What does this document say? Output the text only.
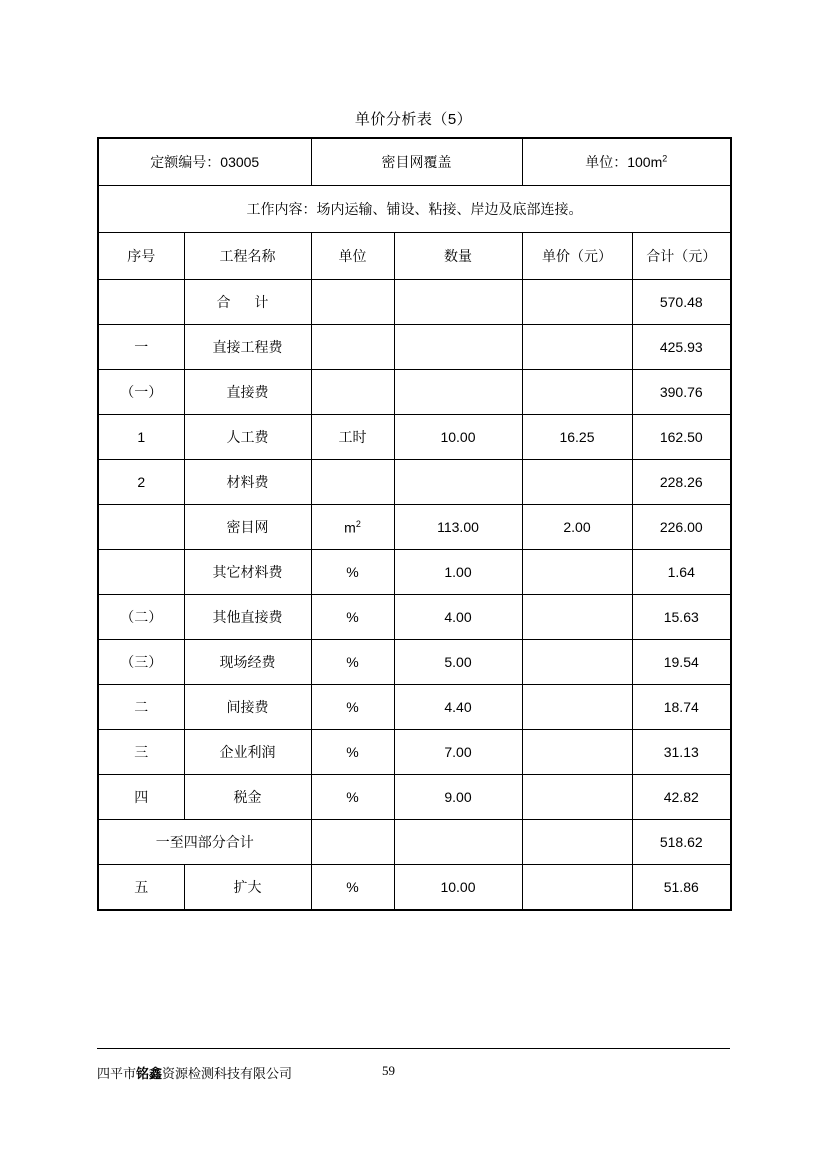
单价分析表（5）
定额编号：03005		密目网覆盖		单位：$100m^2$
工作内容：场内运输、铺设、粘接、岸边及底部连接。					
序号	工程名称	单位	数量	单价（元）	合计（元）
	合 计				570.48
一	直接工程费				425.93
（一）	直接费				390.76
1	人工费	工时	10.00	16.25	162.50
2	材料费				228.26
	密目网	$m^2$	113.00	2.00	226.00
	其它材料费	%	1.00		1.64
（二）	其他直接费	%	4.00		15.63
（三）	现场经费	%	5.00		19.54
二	间接费	%	4.40		18.74
三	企业利润	%	7.00		31.13
四	税金	%	9.00		42.82
一至四部分合计					518.62
五	扩大	%	10.00		51.86
四平市铭鑫资源检测科技有限公司	59
